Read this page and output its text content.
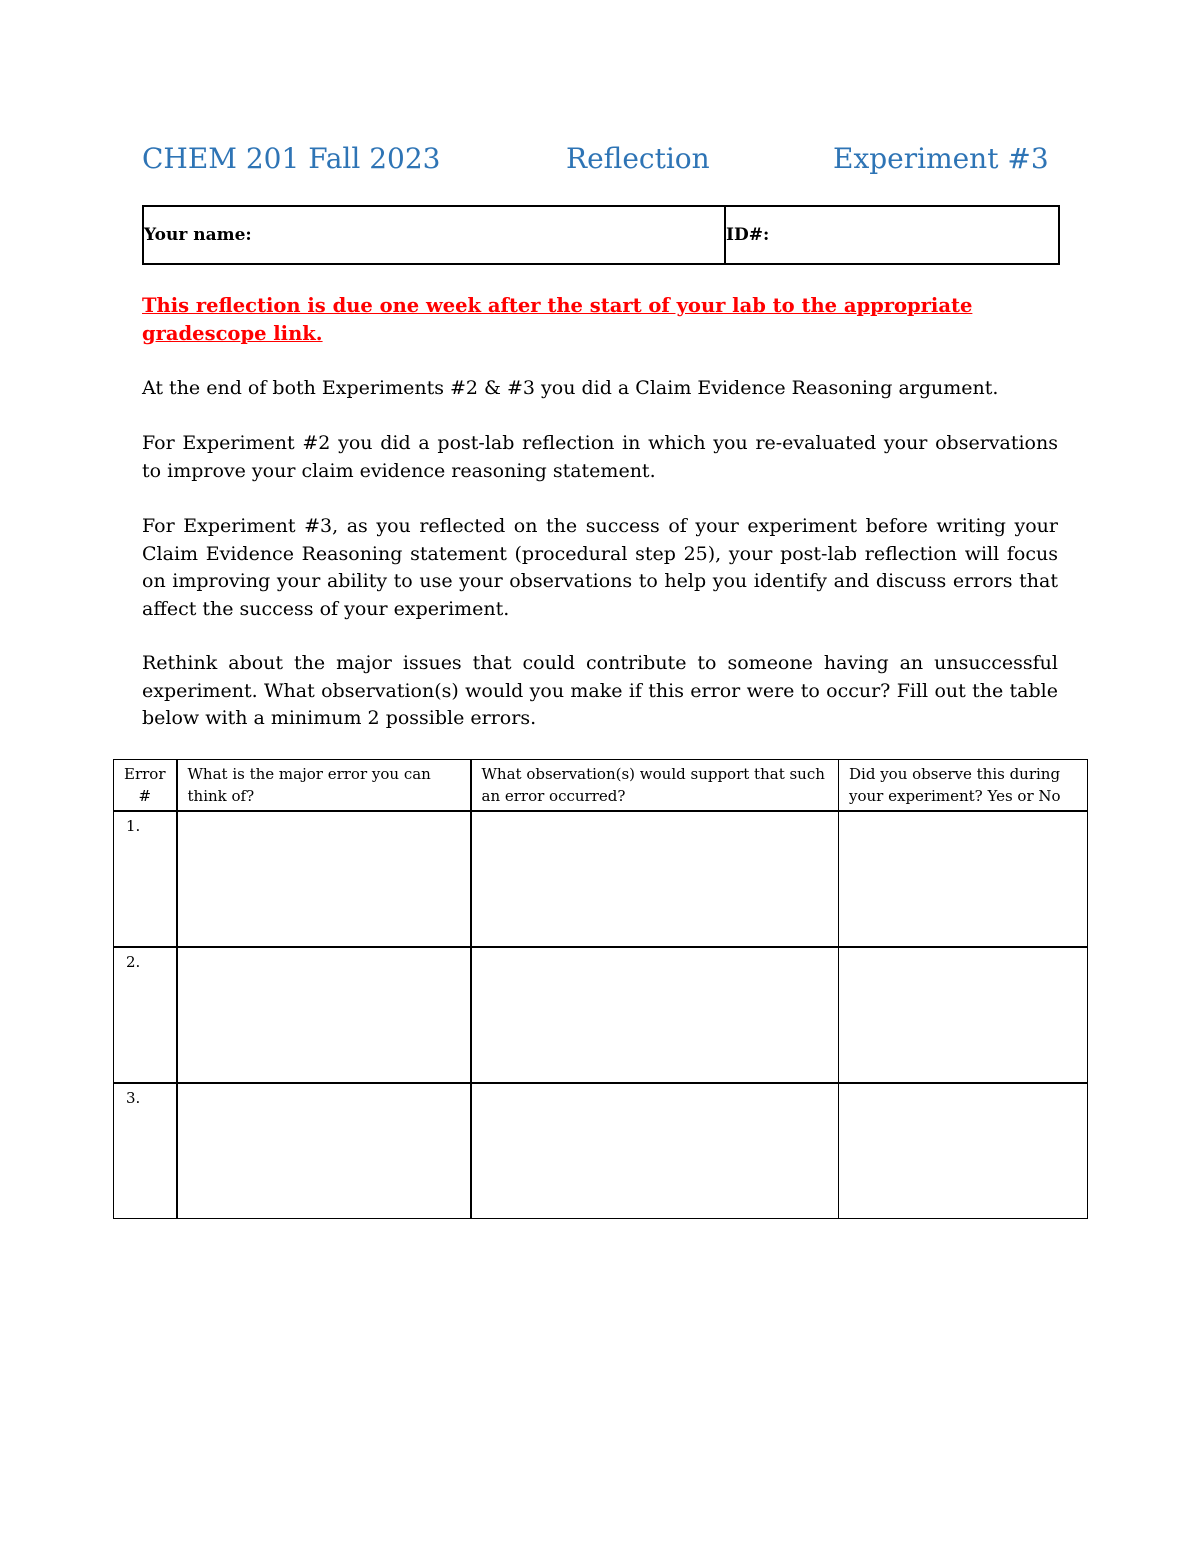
CHEM 201 Fall 2023	Reflection	Experiment #3
Your name:	ID#:
This reflection is due one week after the start of your lab to the appropriate gradescope link.
At the end of both Experiments #2 & #3 you did a Claim Evidence Reasoning argument.
For Experiment #2 you did a post-lab reflection in which you re-evaluated your observations to improve your claim evidence reasoning statement.
For Experiment #3, as you reflected on the success of your experiment before writing your Claim Evidence Reasoning statement (procedural step 25), your post-lab reflection will focus on improving your ability to use your observations to help you identify and discuss errors that affect the success of your experiment.
Rethink about the major issues that could contribute to someone having an unsuccessful experiment. What observation(s) would you make if this error were to occur? Fill out the table below with a minimum 2 possible errors.
Error #	What is the major error you can think of?	What observation(s) would support that such an error occurred?	Did you observe this during your experiment? Yes or No
1.			
2.			
3.			
